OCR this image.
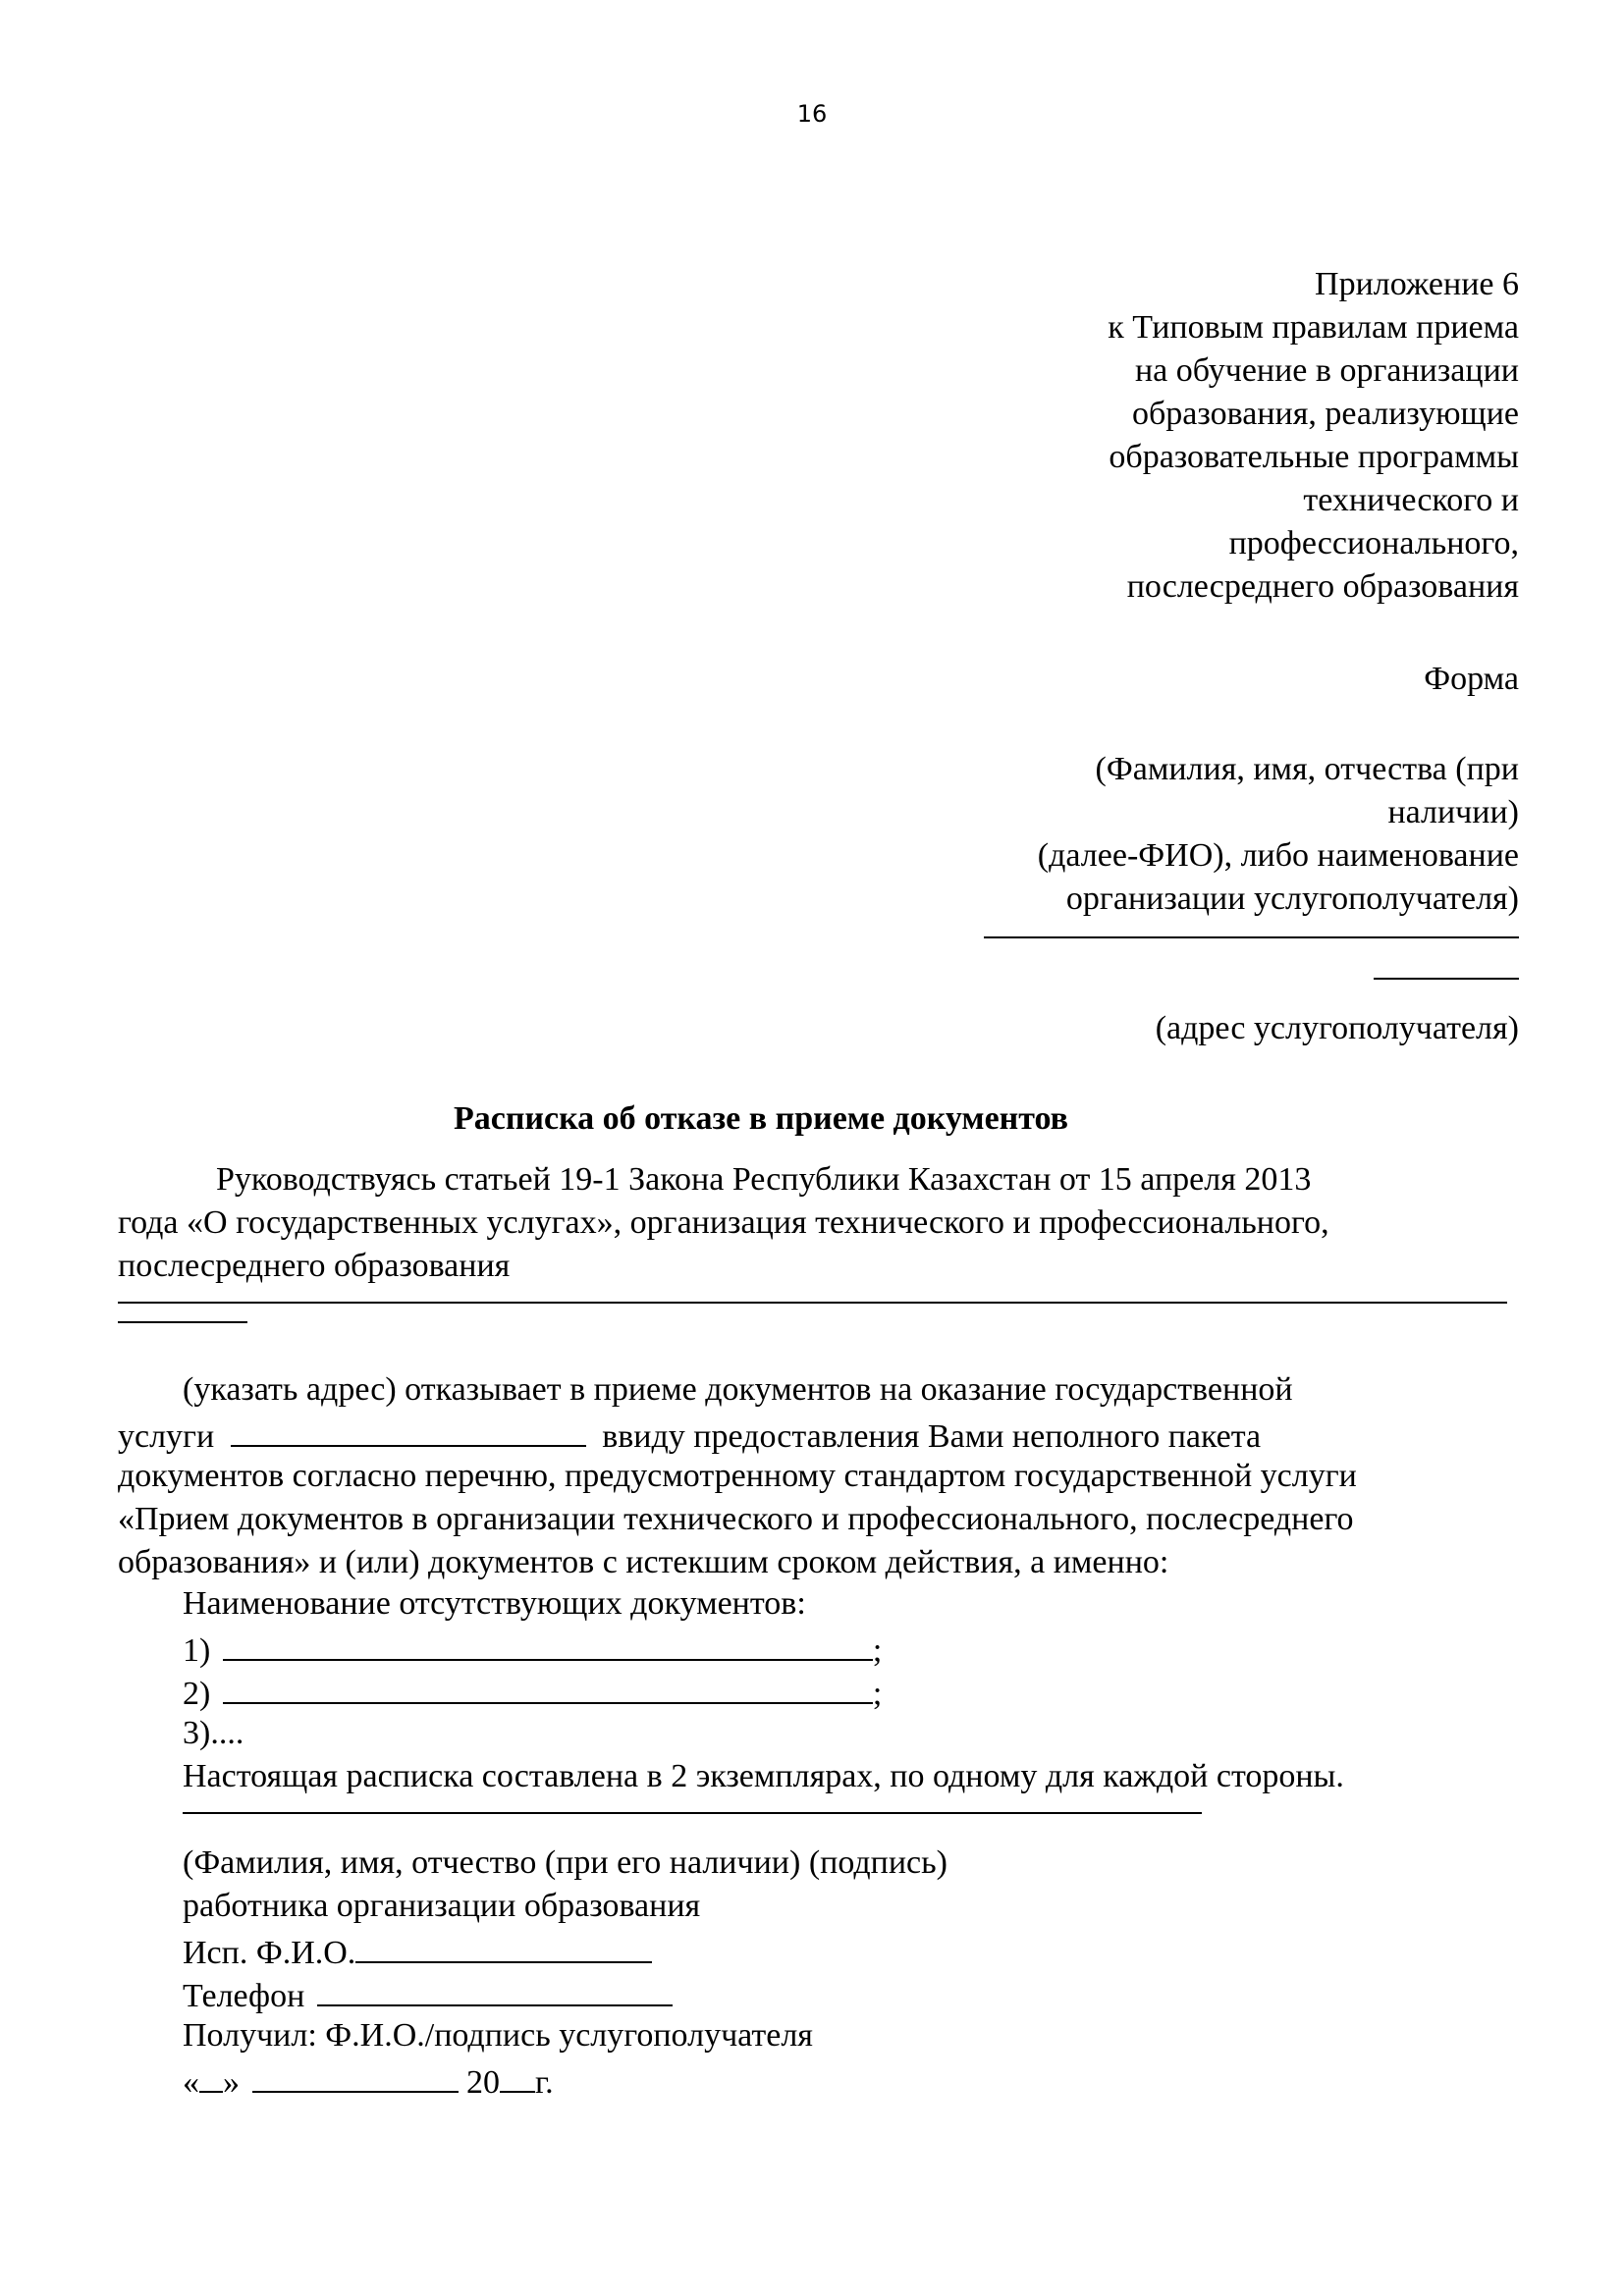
16
Приложение 6
к Типовым правилам приема
на обучение в организации
образования, реализующие
образовательные программы
технического и
профессионального,
послесреднего образования
Форма
(Фамилия, имя, отчества (при
наличии)
(далее-ФИО), либо наименование
организации услугополучателя)
(адрес услугополучателя)
Расписка об отказе в приеме документов
Руководствуясь статьей 19-1 Закона Республики Казахстан от 15 апреля 2013
года «О государственных услугах», организация технического и профессионального,
послесреднего образования
(указать адрес) отказывает в приеме документов на оказание государственной
услуги	ввиду предоставления Вами неполного пакета
документов согласно перечню, предусмотренному стандартом государственной услуги
«Прием документов в организации технического и профессионального, послесреднего
образования» и (или) документов с истекшим сроком действия, а именно:
Наименование отсутствующих документов:
1)	;
2)	;
3)....
Настоящая расписка составлена в 2 экземплярах, по одному для каждой стороны.
(Фамилия, имя, отчество (при его наличии) (подпись)
работника организации образования
Исп. Ф.И.О.
Телефон
Получил: Ф.И.О./подпись услугополучателя
« »	20 г.
